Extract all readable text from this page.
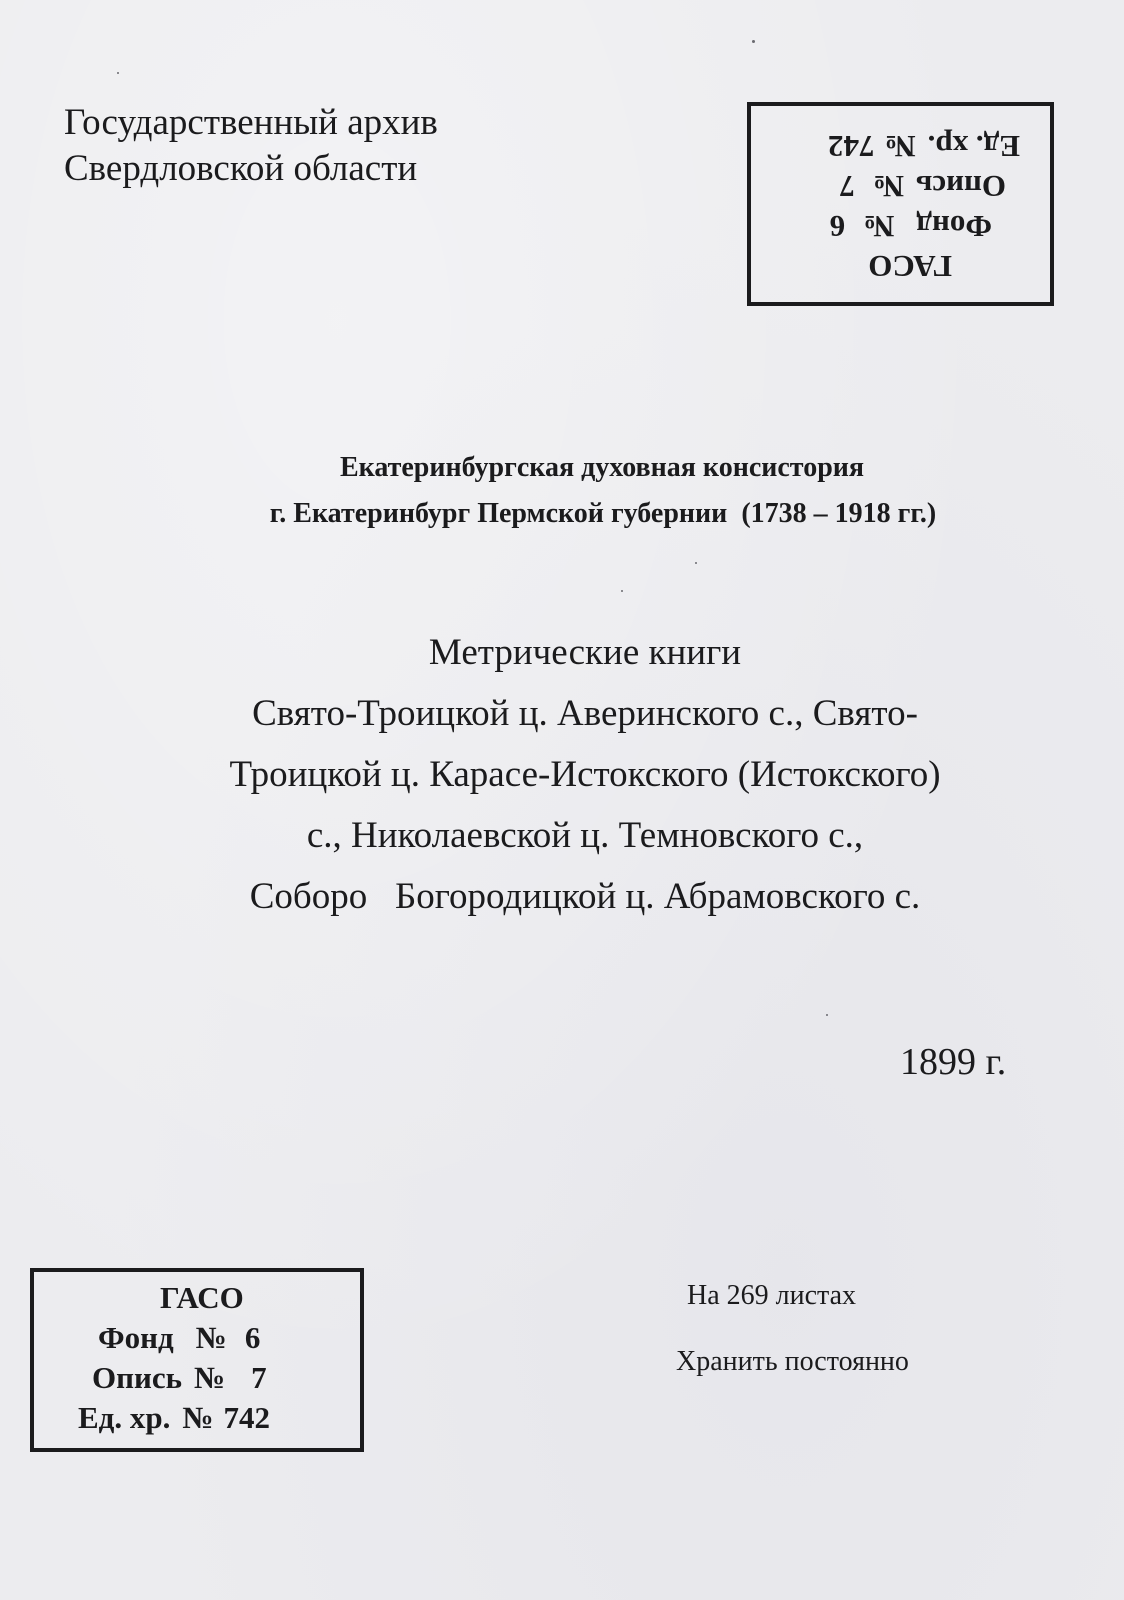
Государственный архив
Свердловской области
ГАСО
Фонд
№
6
Опись
№
7
Ед. хр.
№
742
Екатеринбургская духовная консистория
г. Екатеринбург Пермской губернии  (1738 – 1918 гг.)
Метрические книги
Свято-Троицкой ц. Аверинского с., Свято-
Троицкой ц. Карасе-Истокского (Истокского)
с., Николаевской ц. Темновского с.,
Соборо   Богородицкой ц. Абрамовского с.
1899 г.
ГАСО
Фонд № 6
Опись № 7
Ед. хр. № 742
На 269 листах
Хранить постоянно
